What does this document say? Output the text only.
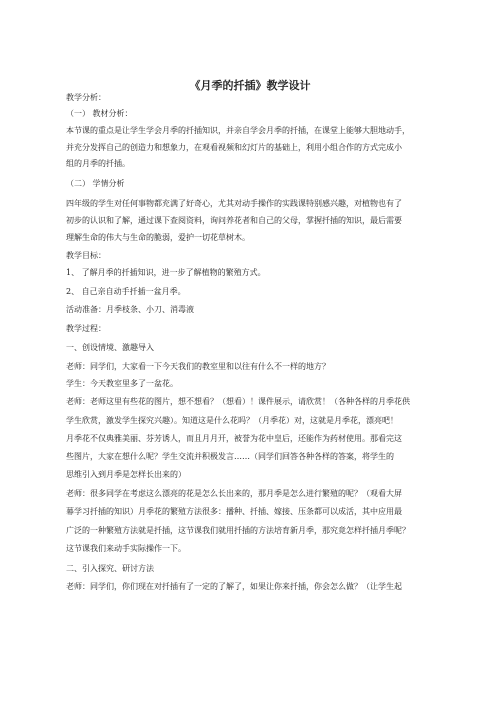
《月季的扦插》教学设计
教学分析：
（一） 教材分析：
本节课的重点是让学生学会月季的扦插知识，并亲自学会月季的扦插，在课堂上能够大胆地动手，
并充分发挥自己的创造力和想象力，在观看视频和幻灯片的基础上，利用小组合作的方式完成小
组的月季的扦插。
（二） 学情分析
四年级的学生对任何事物都充满了好奇心，尤其对动手操作的实践课特别感兴趣，对植物也有了
初步的认识和了解，通过课下查阅资料，询问养花者和自己的父母，掌握扦插的知识，最后需要
理解生命的伟大与生命的脆弱，爱护一切花草树木。
教学目标：
1、 了解月季的扦插知识，进一步了解植物的繁殖方式。
2、 自己亲自动手扦插一盆月季。
活动准备：月季枝条、小刀、消毒液
教学过程：
一、创设情境、激趣导入
老师：同学们，大家看一下今天我们的教室里和以往有什么不一样的地方？
学生：今天教室里多了一盆花。
老师：老师这里有些花的图片，想不想看？（想看）！课件展示，请欣赏！（各种各样的月季花供
学生欣赏，激发学生探究兴趣）。知道这是什么花吗？（月季花）对，这就是月季花，漂亮吧！
月季花不仅典雅美丽、芬芳诱人，而且月月开，被誉为花中皇后，还能作为药材使用。那看完这
些图片，大家在想什么呢？学生交流并积极发言……（同学们回答各种各样的答案，将学生的
思维引入到月季是怎样长出来的）
老师：很多同学在考虑这么漂亮的花是怎么长出来的，那月季是怎么进行繁殖的呢？（观看大屏
幕学习扦插的知识）月季花的繁殖方法很多：播种、扦插、嫁接、压条都可以成活，其中应用最
广泛的一种繁殖方法就是扦插，这节课我们就用扦插的方法培育新月季，那究竟怎样扦插月季呢？
这节课我们来动手实际操作一下。
二、引入探究、研讨方法
老师：同学们，你们现在对扦插有了一定的了解了，如果让你来扦插，你会怎么做？（让学生起
